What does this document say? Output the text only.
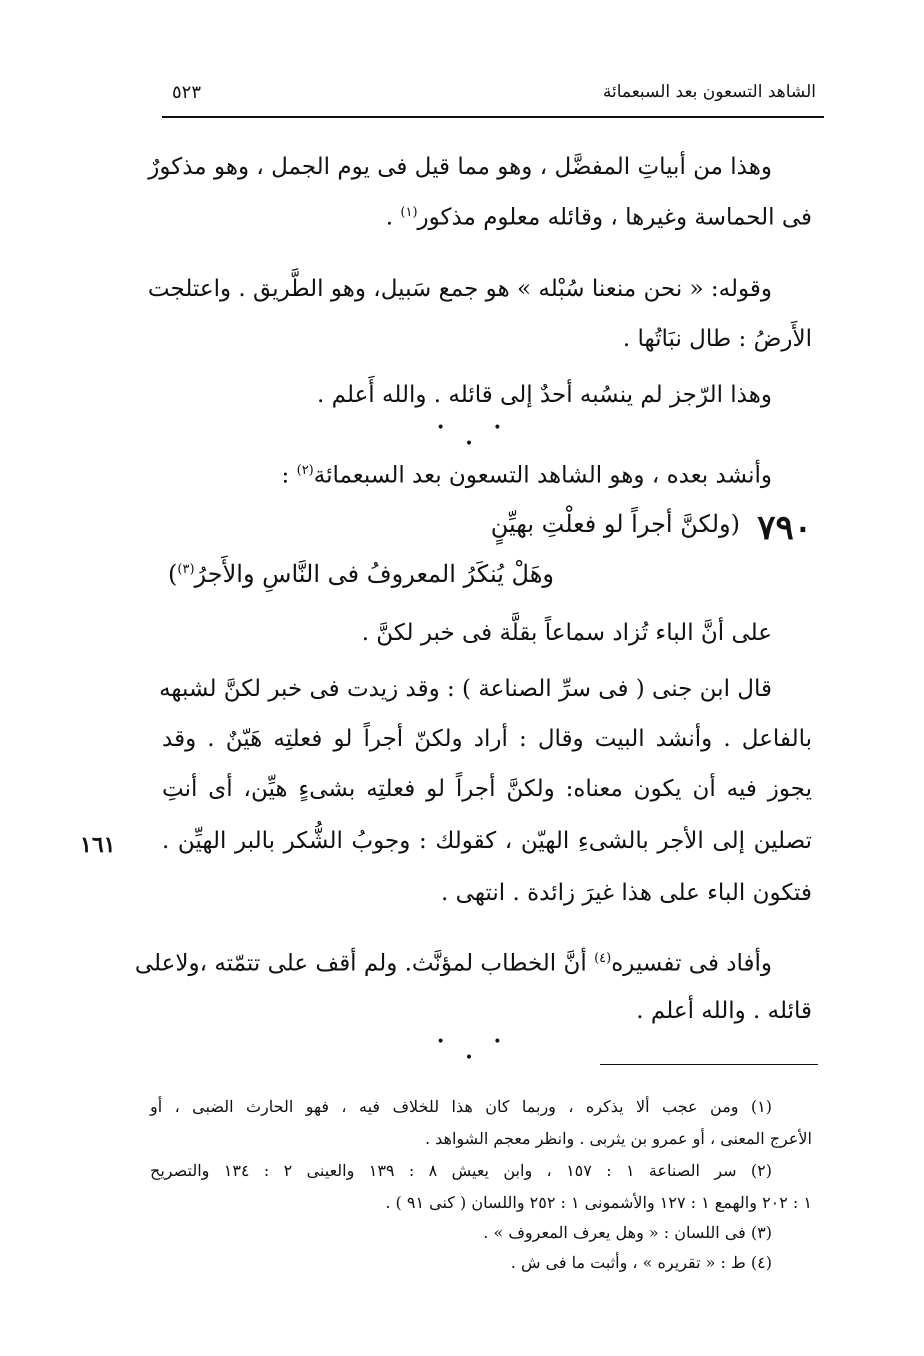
الشاهد التسعون بعد السبعمائة
٥٢٣
وهذا من أبياتِ المفضَّل ، وهو مما قيل فى يوم الجمل ، وهو مذكورٌ
فى الحماسة وغيرها ، وقائله معلوم مذكور$^{(١)}$ .
وقوله: « نحن منعنا سُبْله » هو جمع سَبيل، وهو الطَّريق . واعتلجت
الأَرضُ : طال نبَاتُها .
وهذا الرّجز لم ينسُبه أحدٌ إلى قائله . والله أَعلم .
• • •
وأنشد بعده ، وهو الشاهد التسعون بعد السبعمائة$^{(٢)}$ :
٧٩٠
(ولكنَّ أجراً لو فعلْتِ بهيِّنٍ
وهَلْ يُنكَرُ المعروفُ فى النَّاسِ والأَجرُ$^{(٣)}$)
على أنَّ الباء تُزاد سماعاً بقلَّة فى خبر لكنَّ .
قال ابن جنى ( فى سرِّ الصناعة ) : وقد زيدت فى خبر لكنَّ لشبهه
بالفاعل . وأنشد البيت وقال : أراد ولكنّ أجراً لو فعلتِه هَيّنٌ . وقد
يجوز فيه أن يكون معناه: ولكنَّ أجراً لو فعلتِه بشىءٍ هيِّن، أى أنتِ
تصلين إلى الأجر بالشىءِ الهيّن ، كقولك : وجوبُ الشُّكر بالبر الهيِّن .
فتكون الباء على هذا غيرَ زائدة . انتهى .
١٦١
وأفاد فى تفسيره$^{(٤)}$ أنَّ الخطاب لمؤنَّث. ولم أقف على تتمّته ،ولاعلى
قائله . والله أعلم .
• • •
(١) ومن عجب ألا يذكره ، وربما كان هذا للخلاف فيه ، فهو الحارث الضبى ، أو
الأعرج المعنى ، أو عمرو بن يثربى . وانظر معجم الشواهد .
(٢) سر الصناعة ١ : ١٥٧ ، وابن يعيش ٨ : ١٣٩ والعينى ٢ : ١٣٤ والتصريح
١ : ٢٠٢ والهمع ١ : ١٢٧ والأشمونى ١ : ٢٥٢ واللسان ( كنى ٩١ ) .
(٣) فى اللسان : « وهل يعرف المعروف » .
(٤) ط : « تقريره » ، وأثبت ما فى ش .
